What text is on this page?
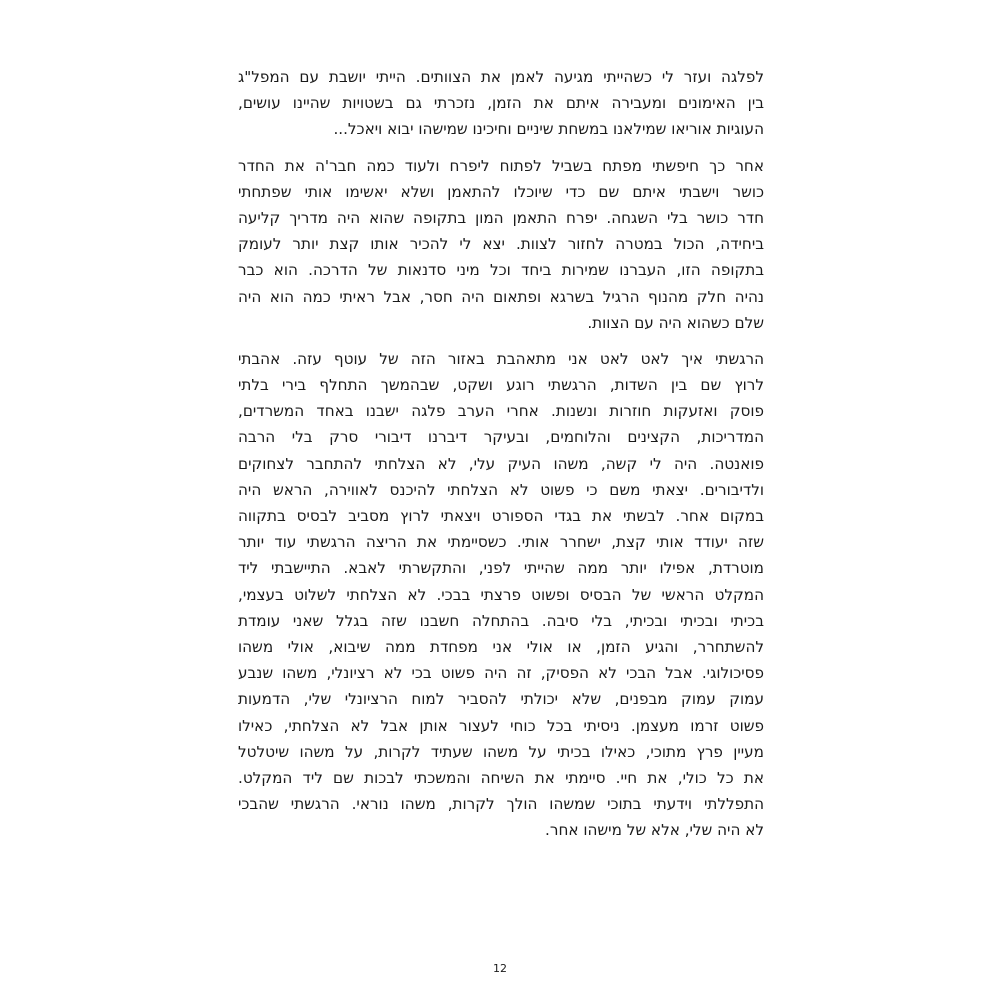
לפלגה ועזר לי כשהייתי מגיעה לאמן את הצוותים. הייתי יושבת עם המפל"ג
בין האימונים ומעבירה איתם את הזמן, נזכרתי גם בשטויות שהיינו עושים,
העוגיות אוריאו שמילאנו במשחת שיניים וחיכינו שמישהו יבוא ויאכל...
אחר כך חיפשתי מפתח בשביל לפתוח ליפרח ולעוד כמה חבר'ה את החדר
כושר וישבתי איתם שם כדי שיוכלו להתאמן ושלא יאשימו אותי שפתחתי
חדר כושר בלי השגחה. יפרח התאמן המון בתקופה שהוא היה מדריך קליעה
ביחידה, הכול במטרה לחזור לצוות. יצא לי להכיר אותו קצת יותר לעומק
בתקופה הזו, העברנו שמירות ביחד וכל מיני סדנאות של הדרכה. הוא כבר
נהיה חלק מהנוף הרגיל בשרגא ופתאום היה חסר, אבל ראיתי כמה הוא היה
שלם כשהוא היה עם הצוות.
הרגשתי איך לאט לאט אני מתאהבת באזור הזה של עוטף עזה. אהבתי
לרוץ שם בין השדות, הרגשתי רוגע ושקט, שבהמשך התחלף בירי בלתי
פוסק ואזעקות חוזרות ונשנות. אחרי הערב פלגה ישבנו באחד המשרדים,
המדריכות, הקצינים והלוחמים, ובעיקר דיברנו דיבורי סרק בלי הרבה
פואנטה. היה לי קשה, משהו העיק עלי, לא הצלחתי להתחבר לצחוקים
ולדיבורים. יצאתי משם כי פשוט לא הצלחתי להיכנס לאווירה, הראש היה
במקום אחר. לבשתי את בגדי הספורט ויצאתי לרוץ מסביב לבסיס בתקווה
שזה יעודד אותי קצת, ישחרר אותי. כשסיימתי את הריצה הרגשתי עוד יותר
מוטרדת, אפילו יותר ממה שהייתי לפני, והתקשרתי לאבא. התיישבתי ליד
המקלט הראשי של הבסיס ופשוט פרצתי בבכי. לא הצלחתי לשלוט בעצמי,
בכיתי ובכיתי ובכיתי, בלי סיבה. בהתחלה חשבנו שזה בגלל שאני עומדת
להשתחרר, והגיע הזמן, או אולי אני מפחדת ממה שיבוא, אולי משהו
פסיכולוגי. אבל הבכי לא הפסיק, זה היה פשוט בכי לא רציונלי, משהו שנבע
עמוק עמוק מבפנים, שלא יכולתי להסביר למוח הרציונלי שלי, הדמעות
פשוט זרמו מעצמן. ניסיתי בכל כוחי לעצור אותן אבל לא הצלחתי, כאילו
מעיין פרץ מתוכי, כאילו בכיתי על משהו שעתיד לקרות, על משהו שיטלטל
את כל כולי, את חיי. סיימתי את השיחה והמשכתי לבכות שם ליד המקלט.
התפללתי וידעתי בתוכי שמשהו הולך לקרות, משהו נוראי. הרגשתי שהבכי
לא היה שלי, אלא של מישהו אחר.
12
